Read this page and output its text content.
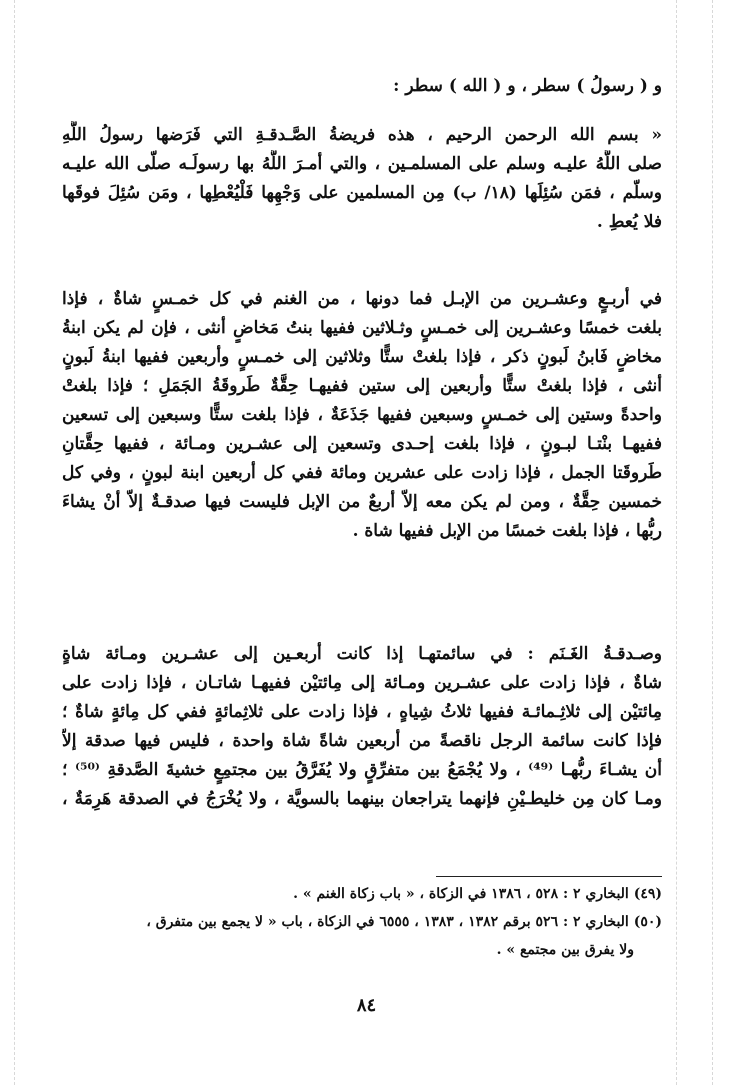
و ( رسولُ ) سطر ، و ( الله ) سطر :
« بسم الله الرحمن الرحيم ، هذه فريضةُ الصَّـدقـةِ التي فَرَضها رسولُ اللَّهِ
صلى اللَّهُ عليـه وسلم على المسلمـين ، والتي أمـرَ اللَّهُ بها رسولَـه صلّى الله عليـه
وسلّم ، فمَن سُئِلَها (١٨/ ب) مِن المسلمين على وَجْهِها فَلْيُعْطِها ، ومَن سُئِلَ فوقَها
فلا يُعطِ .
في أربـعٍ وعشـرين من الإبـل فما دونها ، من الغنم في كل خمـسٍ شاةٌ ، فإذا
بلغت خمسًا وعشـرين إلى خمـسٍ وثـلاثين ففيها بنتُ مَخاضٍ أنثى ، فإن لم يكن ابنةُ
مخاضٍ فَابنُ لَبونٍ ذكر ، فإذا بلغتْ ستًّا وثلاثين إلى خمـسٍ وأربعين ففيها ابنةُ لَبونٍ
أنثى ، فإذا بلغتْ ستًّا وأربعين إلى ستين ففيهـا حِقَّةٌ طَروقَةُ الجَمَلِ ؛ فإذا بلغتْ
واحدةً وستين إلى خمـسٍ وسبعين ففيها جَذَعَةٌ ، فإذا بلغت ستًّا وسبعين إلى تسعين
ففيهـا بنْتـا لبـونٍ ، فإذا بلغت إحـدى وتسعين إلى عشـرين ومـائة ، ففيها حِقَّتانِ
طَروقَتا الجمل ، فإذا زادت على عشرين ومائة ففي كل أربعين ابنة لبونٍ ، وفي كل
خمسين حِقَّةٌ ، ومن لم يكن معه إلاّ أربعٌ من الإبل فليست فيها صدقـةٌ إلاّ أنْ يشاءَ
ربُّها ، فإذا بلغت خمسًا من الإبل ففيها شاة .
وصـدقـةُ الغَـنَم : في سائمتهـا إذا كانت أربعـين إلى عشـرين ومـائة شاةٍ
شاةٌ ، فإذا زادت على عشـرين ومـائة إلى مِائتيْن ففيهـا شاتـان ، فإذا زادت على
مِائتيْن إلى ثلاثِـمائـة ففيها ثلاثُ شِياهٍ ، فإذا زادت على ثلاثِمائةٍ ففي كل مِائةٍ شاةٌ ؛
فإذا كانت سائمة الرجل ناقصةً من أربعين شاةً شاة واحدة ، فليس فيها صدقة إلاّ
أن يشـاءَ ربُّهـا ⁽⁴⁹⁾ ، ولا يُجْمَعُ بين متفرِّقٍ ولا يُفَرَّقُ بين مجتمِعٍ خشيةَ الصَّدقةِ ⁽⁵⁰⁾ ؛
ومـا كان مِن خليطـيْنِ فإنهما يتراجعان بينهما بالسويَّة ، ولا يُخْرَجُ في الصدقة هَرِمَةٌ ،
(٤٩) البخاري ٢ : ٥٢٨ ، ١٣٨٦ في الزكاة ، « باب زكاة الغنم » .
(٥٠) البخاري ٢ : ٥٢٦ برقم ١٣٨٢ ، ١٣٨٣ ، ٦٥٥٥ في الزكاة ، باب « لا يجمع بين متفرق ،
ولا يفرق بين مجتمع » .
٨٤
